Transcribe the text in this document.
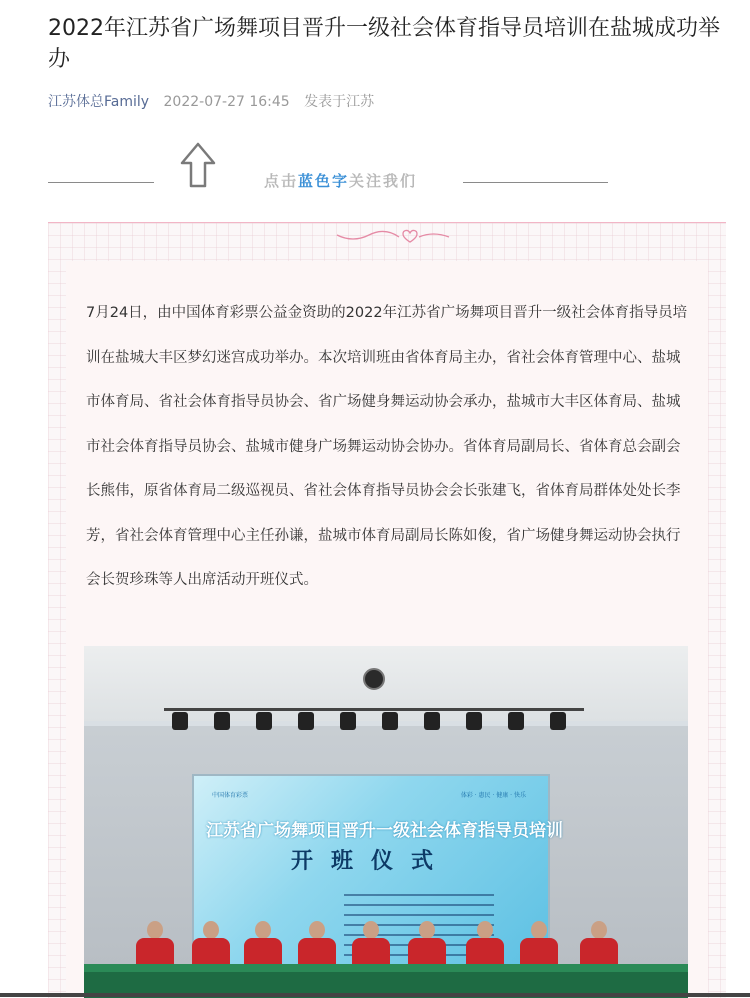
2022年江苏省广场舞项目晋升一级社会体育指导员培训在盐城成功举办
江苏体总Family 2022-07-27 16:45 发表于江苏
点击蓝色字关注我们

7月24日，由中国体育彩票公益金资助的2022年江苏省广场舞项目晋升一级社会体育指导员培训在盐城大丰区梦幻迷宫成功举办。本次培训班由省体育局主办，省社会体育管理中心、盐城市体育局、省社会体育指导员协会、省广场健身舞运动协会承办，盐城市大丰区体育局、盐城市社会体育指导员协会、盐城市健身广场舞运动协会协办。省体育局副局长、省体育总会副会长熊伟，原省体育局二级巡视员、省社会体育指导员协会会长张建飞，省体育局群体处处长李芳，省社会体育管理中心主任孙谦，盐城市体育局副局长陈如俊，省广场健身舞运动协会执行会长贺珍珠等人出席活动开班仪式。

中国体育彩票	体彩 · 惠民 · 健康 · 快乐
江苏省广场舞项目晋升一级社会体育指导员培训
开班仪式
